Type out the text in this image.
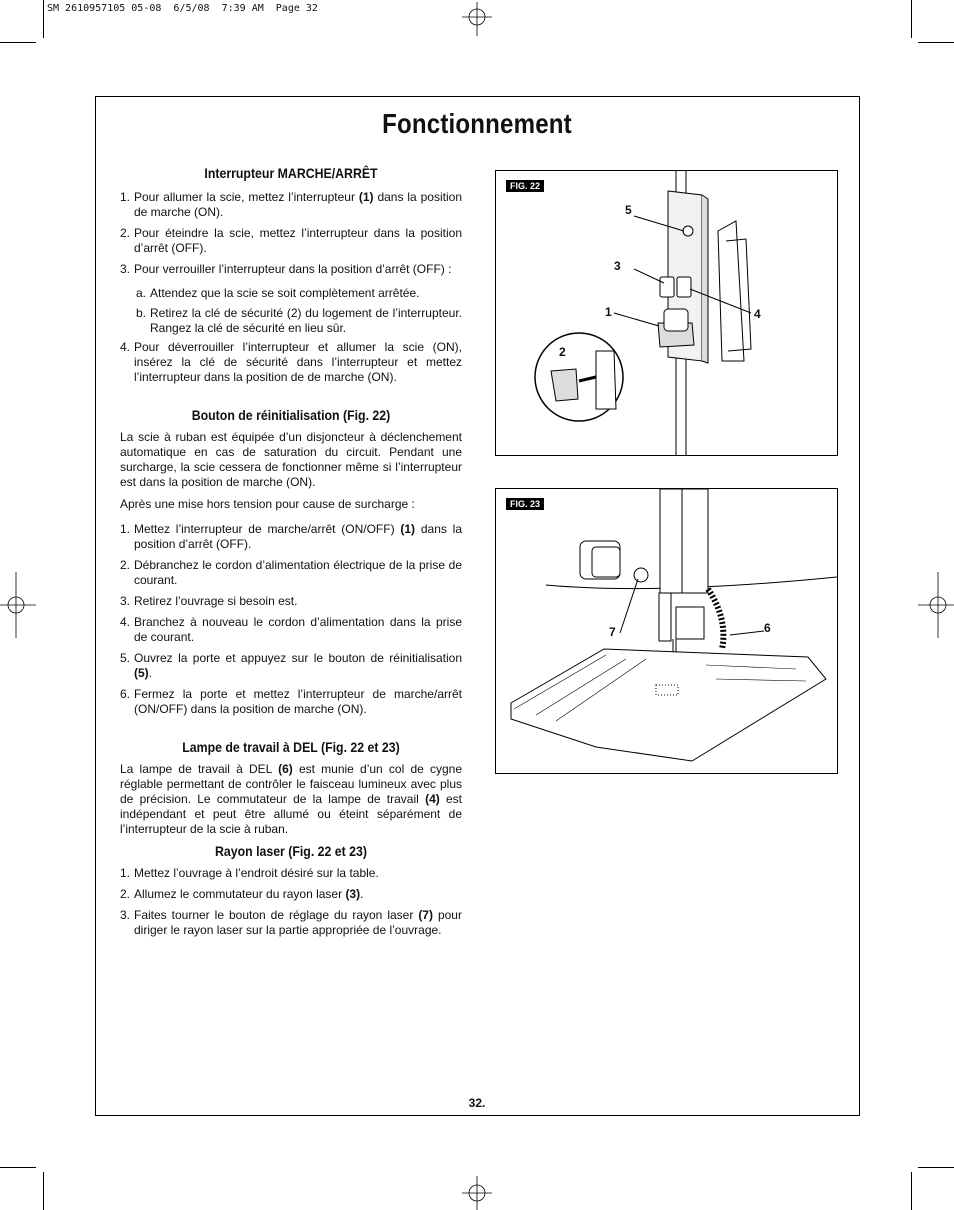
SM 2610957105 05-08  6/5/08  7:39 AM  Page 32
Fonctionnement
Interrupteur MARCHE/ARRÊT
1. Pour allumer la scie, mettez l’interrupteur (1) dans la position de marche (ON).
2. Pour éteindre la scie, mettez l’interrupteur dans la position d’arrêt (OFF).
3. Pour verrouiller l’interrupteur dans la position d’arrêt (OFF) :
a. Attendez que la scie se soit complètement arrêtée.
b. Retirez la clé de sécurité (2) du logement de l’interrupteur. Rangez la clé de sécurité en lieu sûr.
4. Pour déverrouiller l’interrupteur et allumer la scie (ON), insérez la clé de sécurité dans l’interrupteur et mettez l’interrupteur dans la position de de marche (ON).
Bouton de réinitialisation (Fig. 22)

La scie à ruban est équipée d’un disjoncteur à déclenchement automatique en cas de saturation du circuit. Pendant une surcharge, la scie cessera de fonctionner même si l’interrupteur est dans la position de marche (ON).

Après une mise hors tension pour cause de surcharge :

1. Mettez l’interrupteur de marche/arrêt (ON/OFF) (1) dans la position d’arrêt (OFF).
2. Débranchez le cordon d’alimentation électrique de la prise de courant.
3. Retirez l’ouvrage si besoin est.
4. Branchez à nouveau le cordon d’alimentation dans la prise de courant.
5. Ouvrez la porte et appuyez sur le bouton de réinitialisation (5).
6. Fermez la porte et mettez l’interrupteur de marche/arrêt (ON/OFF) dans la position de marche (ON).
Lampe de travail à DEL (Fig. 22 et 23)

La lampe de travail à DEL (6) est munie d’un col de cygne réglable permettant de contrôler le faisceau lumineux avec plus de précision. Le commutateur de la lampe de travail (4) est indépendant et peut être allumé ou éteint séparément de l’interrupteur de la scie à ruban.

Rayon laser (Fig. 22 et 23)
1. Mettez l’ouvrage à l’endroit désiré sur la table.
2. Allumez le commutateur du rayon laser (3).
3. Faites tourner le bouton de réglage du rayon laser (7) pour diriger le rayon laser sur la partie appropriée de l’ouvrage.
FIG. 22
5
3
1	4
2
FIG. 23
7	6
32.
